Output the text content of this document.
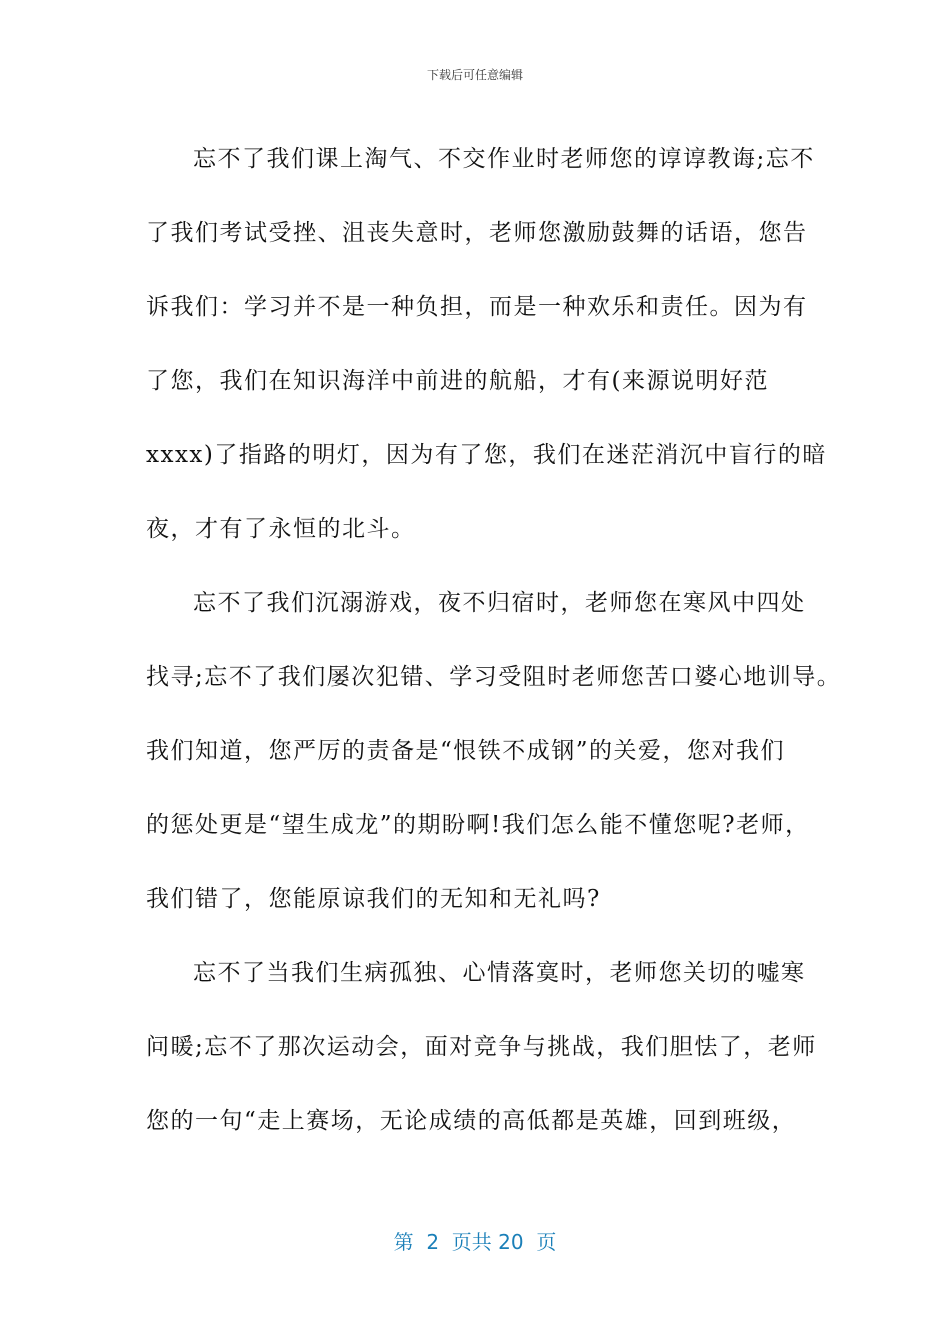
下载后可任意编辑
忘不了我们课上淘气、不交作业时老师您的谆谆教诲;忘不
了我们考试受挫、沮丧失意时，老师您激励鼓舞的话语，您告
诉我们：学习并不是一种负担，而是一种欢乐和责任。因为有
了您，我们在知识海洋中前进的航船，才有(来源说明好范
xxxx)了指路的明灯，因为有了您，我们在迷茫消沉中盲行的暗
夜，才有了永恒的北斗。
忘不了我们沉溺游戏，夜不归宿时，老师您在寒风中四处
找寻;忘不了我们屡次犯错、学习受阻时老师您苦口婆心地训导。
我们知道，您严厉的责备是“恨铁不成钢”的关爱，您对我们
的惩处更是“望生成龙”的期盼啊!我们怎么能不懂您呢?老师，
我们错了，您能原谅我们的无知和无礼吗?
忘不了当我们生病孤独、心情落寞时，老师您关切的嘘寒
问暖;忘不了那次运动会，面对竞争与挑战，我们胆怯了，老师
您的一句“走上赛场，无论成绩的高低都是英雄，回到班级，
第  2  页共 20  页
